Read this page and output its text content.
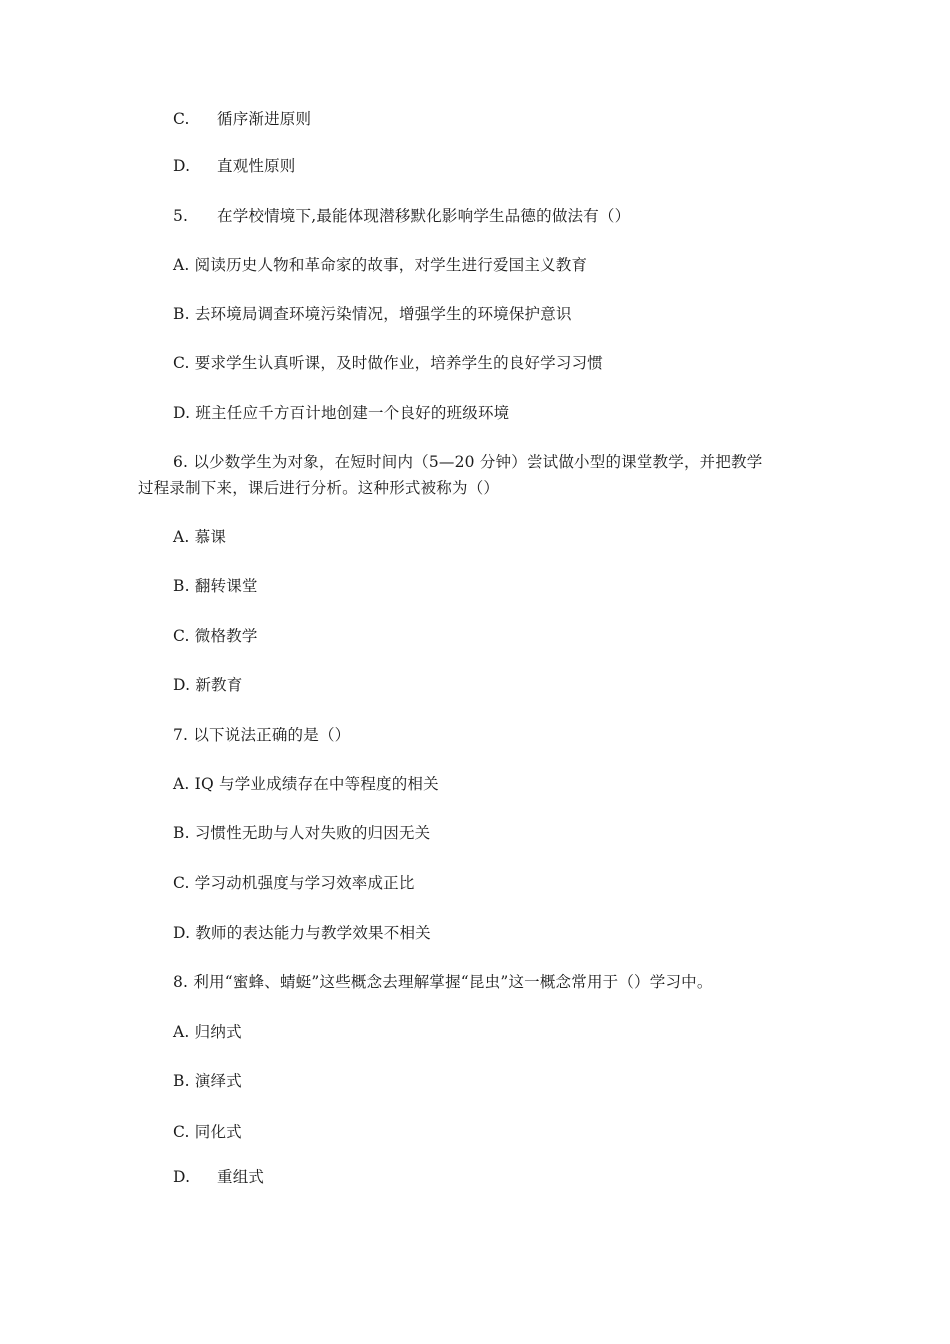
C. 循序渐进原则
D. 直观性原则
5. 在学校情境下,最能体现潜移默化影响学生品德的做法有（）
A. 阅读历史人物和革命家的故事，对学生进行爱国主义教育
B. 去环境局调查环境污染情况，增强学生的环境保护意识
C. 要求学生认真听课，及时做作业，培养学生的良好学习习惯
D. 班主任应千方百计地创建一个良好的班级环境
6. 以少数学生为对象，在短时间内（5—20 分钟）尝试做小型的课堂教学，并把教学
过程录制下来，课后进行分析。这种形式被称为（）
A. 慕课
B. 翻转课堂
C. 微格教学
D. 新教育
7. 以下说法正确的是（）
A. IQ 与学业成绩存在中等程度的相关
B. 习惯性无助与人对失败的归因无关
C. 学习动机强度与学习效率成正比
D. 教师的表达能力与教学效果不相关
8. 利用“蜜蜂、蜻蜓”这些概念去理解掌握“昆虫”这一概念常用于（）学习中。
A. 归纳式
B. 演绎式
C. 同化式
D. 重组式
